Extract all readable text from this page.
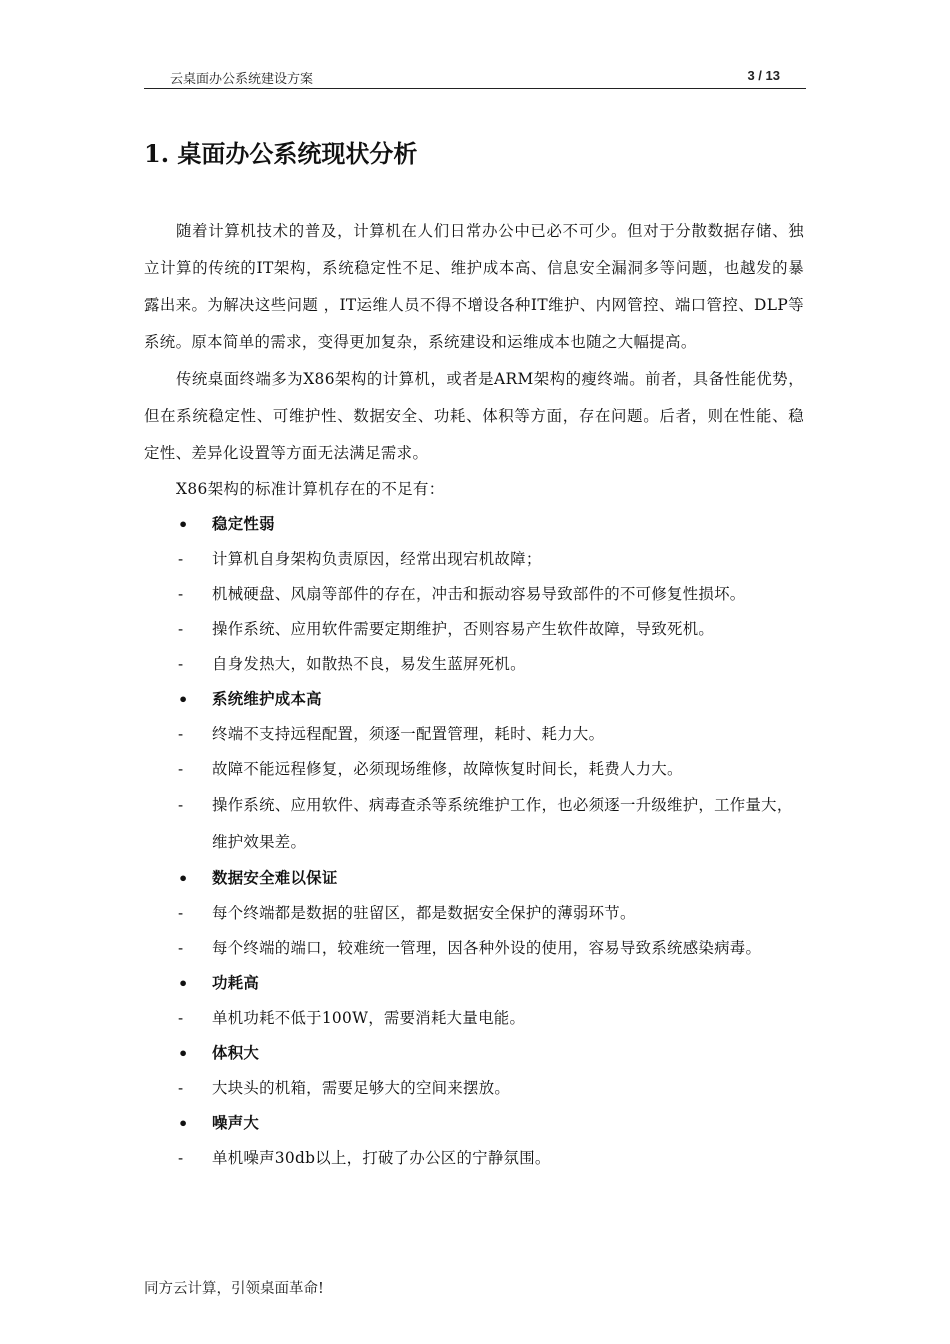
云桌面办公系统建设方案	3 / 13
1. 桌面办公系统现状分析

随着计算机技术的普及，计算机在人们日常办公中已必不可少。但对于分散数据存储、独立计算的传统的IT架构，系统稳定性不足、维护成本高、信息安全漏洞多等问题，也越发的暴露出来。为解决这些问题 ，IT运维人员不得不增设各种IT维护、内网管控、端口管控、DLP等系统。原本简单的需求，变得更加复杂，系统建设和运维成本也随之大幅提高。

传统桌面终端多为X86架构的计算机，或者是ARM架构的瘦终端。前者，具备性能优势，但在系统稳定性、可维护性、数据安全、功耗、体积等方面，存在问题。后者，则在性能、稳定性、差异化设置等方面无法满足需求。

X86架构的标准计算机存在的不足有：

•	稳定性弱
-	计算机自身架构负责原因，经常出现宕机故障；
-	机械硬盘、风扇等部件的存在，冲击和振动容易导致部件的不可修复性损坏。
-	操作系统、应用软件需要定期维护，否则容易产生软件故障，导致死机。
-	自身发热大，如散热不良，易发生蓝屏死机。
•	系统维护成本高
-	终端不支持远程配置，须逐一配置管理，耗时、耗力大。
-	故障不能远程修复，必须现场维修，故障恢复时间长，耗费人力大。
-	操作系统、应用软件、病毒查杀等系统维护工作，也必须逐一升级维护，工作量大，维护效果差。
•	数据安全难以保证
-	每个终端都是数据的驻留区，都是数据安全保护的薄弱环节。
-	每个终端的端口，较难统一管理，因各种外设的使用，容易导致系统感染病毒。
•	功耗高
-	单机功耗不低于100W，需要消耗大量电能。
•	体积大
-	大块头的机箱，需要足够大的空间来摆放。
•	噪声大
-	单机噪声30db以上，打破了办公区的宁静氛围。
同方云计算，引领桌面革命!
